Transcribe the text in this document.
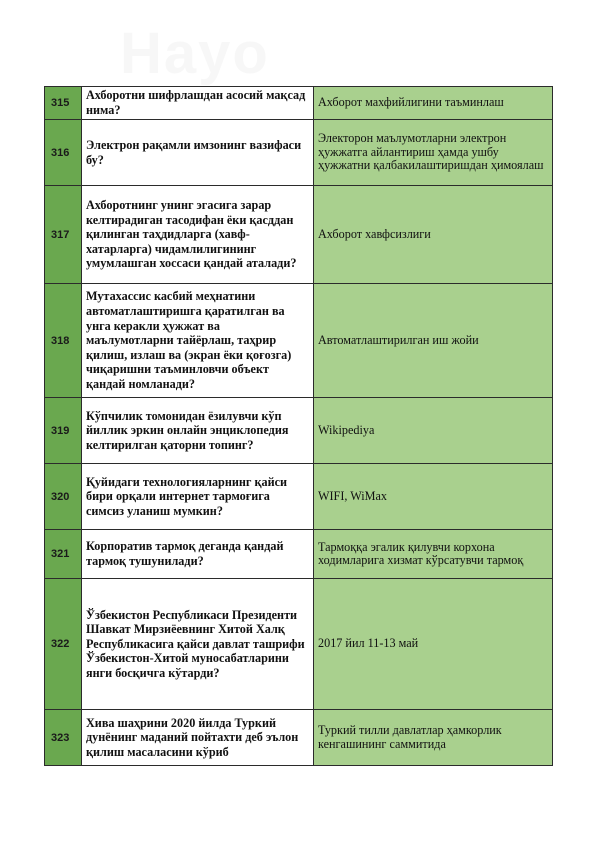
Hаyo
315	Ахборотни шифрлашдан асосий мақсад нима?	Ахборот махфийлигини таъминлаш
316	Электрон рақамли имзонинг вазифаси бу?	Электорон маълумотларни электрон ҳужжатга айлантириш ҳамда ушбу ҳужжатни қалбакилаштиришдан ҳимоялаш
317	Ахборотнинг унинг эгасига зарар келтирадиган тасодифан ёки қасддан қилинган таҳдидларга (хавф-хатарларга) чидамлилигининг умумлашган хоссаси қандай аталади?	Ахборот хавфсизлиги
318	Мутахассис касбий меҳнатини автоматлаштиришга қаратилган ва унга керакли ҳужжат ва маълумотларни тайёрлаш, таҳрир қилиш, излаш ва (экран ёки қоғозга) чиқаришни таъминловчи объект қандай номланади?	Автоматлаштирилган иш жойи
319	Кўпчилик томонидан ёзилувчи кўп йиллик эркин онлайн энциклопедия келтирилган қаторни топинг?	Wikipediya
320	Қуйидаги технологияларнинг қайси бири орқали интернет тармоғига симсиз уланиш мумкин?	WIFI, WiMax
321	Корпоратив тармоқ деганда қандай тармоқ тушунилади?	Тармоққа эгалик қилувчи корхона ходимларига хизмат кўрсатувчи тармоқ
322	Ўзбекистон Республикаси Президенти Шавкат Мирзиёевнинг Хитой Халқ Республикасига қайси давлат ташрифи Ўзбекистон-Хитой муносабатларини янги босқичга кўтарди?	2017 йил 11-13 май
323	Хива шаҳрини 2020 йилда Туркий дунёнинг маданий пойтахти деб эълон қилиш масаласини кўриб	Туркий тилли давлатлар ҳамкорлик кенгашининг саммитида
